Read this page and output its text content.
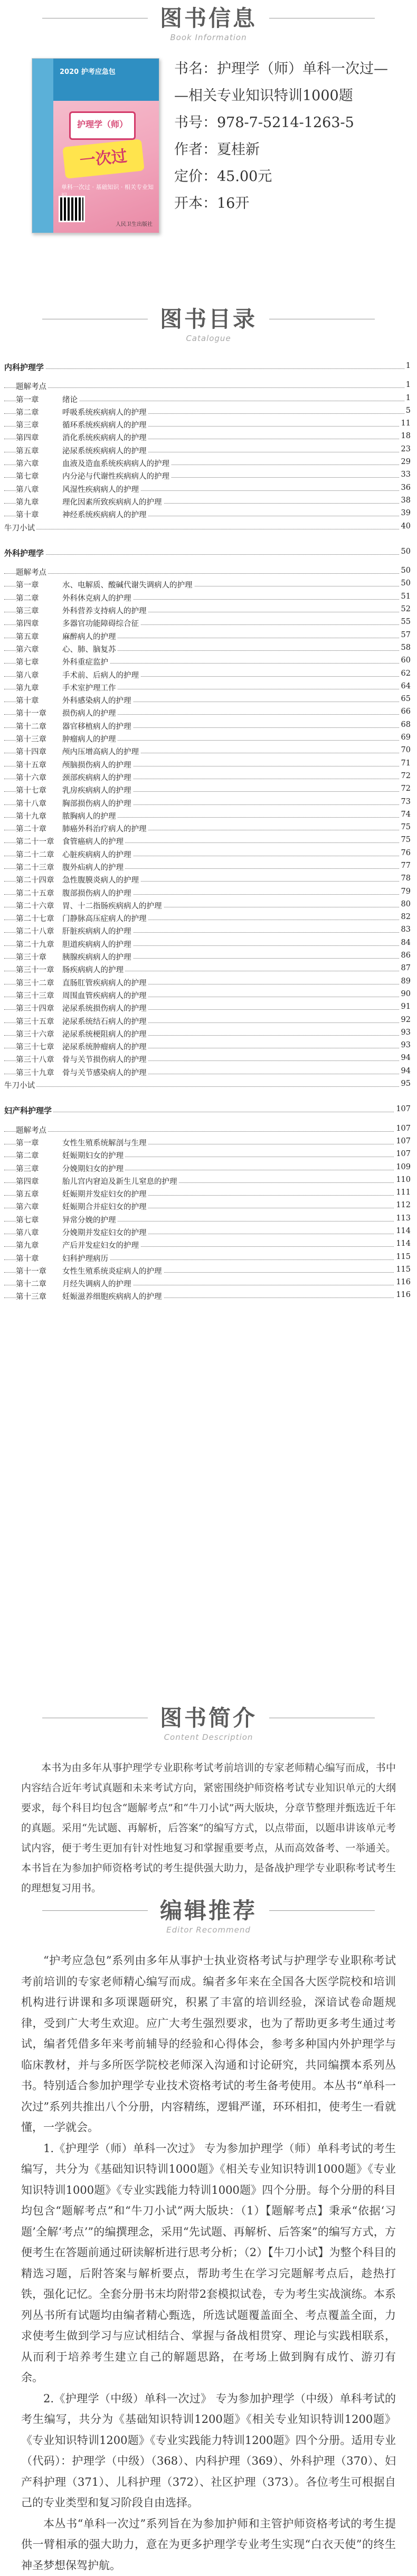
图书信息
Book Information
2020 护考应急包
护理学（师）
一次过
单科一次过 · 基础知识 · 相关专业知
人民卫生出版社
书名：护理学（师）单科一次过—
—相关专业知识特训1000题
书号：978-7-5214-1263-5
作者：夏桂新
定价：45.00元
开本：16开
图书目录
Catalogue
内科护理学	1
题解考点	1
第一章	绪论	1
第二章	呼吸系统疾病病人的护理	5
第三章	循环系统疾病病人的护理	11
第四章	消化系统疾病病人的护理	18
第五章	泌尿系统疾病病人的护理	23
第六章	血液及造血系统疾病病人的护理	29
第七章	内分泌与代谢性疾病病人的护理	33
第八章	风湿性疾病病人的护理	36
第九章	理化因素所致疾病病人的护理	38
第十章	神经系统疾病病人的护理	39
牛刀小试	40
外科护理学	50
题解考点	50
第一章	水、电解质、酸碱代谢失调病人的护理	50
第二章	外科休克病人的护理	51
第三章	外科营养支持病人的护理	52
第四章	多器官功能障碍综合征	55
第五章	麻醉病人的护理	57
第六章	心、肺、脑复苏	58
第七章	外科重症监护	60
第八章	手术前、后病人的护理	62
第九章	手术室护理工作	64
第十章	外科感染病人的护理	65
第十一章 损伤病人的护理	66
第十二章 器官移植病人的护理	68
第十三章 肿瘤病人的护理	69
第十四章 颅内压增高病人的护理	70
第十五章 颅脑损伤病人的护理	71
第十六章 颈部疾病病人的护理	72
第十七章 乳房疾病病人的护理	72
第十八章 胸部损伤病人的护理	73
第十九章 脓胸病人的护理	74
第二十章 肺癌外科治疗病人的护理	75
第二十一章 食管癌病人的护理	75
第二十二章 心脏疾病病人的护理	76
第二十三章 腹外疝病人的护理	77
第二十四章 急性腹膜炎病人的护理	78
第二十五章 腹部损伤病人的护理	79
第二十六章 胃、十二指肠疾病病人的护理	80
第二十七章 门静脉高压症病人的护理	82
第二十八章 肝脏疾病病人的护理	83
第二十九章 胆道疾病病人的护理	84
第三十章 胰腺疾病病人的护理	86
第三十一章 肠疾病病人的护理	87
第三十二章 直肠肛管疾病病人的护理	89
第三十三章 周围血管疾病病人的护理	90
第三十四章 泌尿系统损伤病人的护理	91
第三十五章 泌尿系统结石病人的护理	92
第三十六章 泌尿系统梗阻病人的护理	93
第三十七章 泌尿系统肿瘤病人的护理	93
第三十八章 骨与关节损伤病人的护理	94
第三十九章 骨与关节感染病人的护理	94
牛刀小试	95
妇产科护理学	107
题解考点	107
第一章	女性生殖系统解剖与生理	107
第二章	妊娠期妇女的护理	107
第三章	分娩期妇女的护理	109
第四章	胎儿宫内窘迫及新生儿窒息的护理	110
第五章	妊娠期并发症妇女的护理	111
第六章	妊娠期合并症妇女的护理	112
第七章	异常分娩的护理	113
第八章	分娩期并发症妇女的护理	114
第九章	产后并发症妇女的护理	114
第十章	妇科护理病历	115
第十一章 女性生殖系统炎症病人的护理	115
第十二章 月经失调病人的护理	116
第十三章 妊娠滋养细胞疾病病人的护理	116
图书简介
Content Description
本书为由多年从事护理学专业职称考试考前培训的专家老师精心编写而成，书中内容结合近年考试真题和未来考试方向，紧密围绕护师资格考试专业知识单元的大纲要求，每个科目均包含“题解考点”和“牛刀小试”两大版块，分章节整理并甄选近千年的真题。采用“先试题、再解析，后答案”的编写方式，以点带面，以题串讲该单元考试内容，便于考生更加有针对性地复习和掌握重要考点，从而高效备考、一举通关。本书旨在为参加护师资格考试的考生提供强大助力，是备战护理学专业职称考试考生的理想复习用书。
编辑推荐
Editor Recommend

“护考应急包”系列由多年从事护士执业资格考试与护理学专业职称考试考前培训的专家老师精心编写而成。编者多年来在全国各大医学院校和培训机构进行讲课和多项课题研究，积累了丰富的培训经验，深谙试卷命题规律，受到广大考生欢迎。应广大考生强烈要求，也为了帮助更多考生通过考试，编者凭借多年来考前辅导的经验和心得体会，参考多种国内外护理学与临床教材，并与多所医学院校老师深入沟通和讨论研究，共同编撰本系列丛书。特别适合参加护理学专业技术资格考试的考生备考使用。本丛书“单科一次过”系列共推出八个分册，内容精练，逻辑严谨，环环相扣，使考生一看就懂，一学就会。

1.《护理学（师）单科一次过》 专为参加护理学（师）单科考试的考生编写，共分为《基础知识特训1000题》《相关专业知识特训1000题》《专业知识特训1000题》《专业实践能力特训1000题》四个分册。每个分册的科目均包含“题解考点”和“牛刀小试”两大版块：（1）【题解考点】秉承“依据‘习题’全解‘考点’”的编撰理念，采用“先试题、再解析、后答案”的编写方式，方便考生在答题前通过研读解析进行思考分析；（2）【牛刀小试】为整个科目的精选习题，后附答案与解析要点，帮助考生在学习完题解考点后，趁热打铁，强化记忆。全套分册书末均附带2套模拟试卷，专为考生实战演练。本系列丛书所有试题均由编者精心甄选，所选试题覆盖面全、考点覆盖全面，力求使考生做到学习与应试相结合、掌握与备战相贯穿、理论与实践相联系，从而利于培养考生建立自己的解题思路，在考场上做到胸有成竹、游刃有余。

2.《护理学（中级）单科一次过》 专为参加护理学（中级）单科考试的考生编写，共分为《基础知识特训1200题》《相关专业知识特训1200题》《专业知识特训1200题》《专业实践能力特训1200题》四个分册。适用专业（代码）：护理学（中级）（368）、内科护理（369）、外科护理（370）、妇产科护理（371）、儿科护理（372）、社区护理（373）。各位考生可根据自己的专业类型和复习阶段自由选择。

本丛书“单科一次过”系列旨在为参加护师和主管护师资格考试的考生提供一臂相承的强大助力，意在为更多护理学专业考生实现“白衣天使”的终生神圣梦想保驾护航。
